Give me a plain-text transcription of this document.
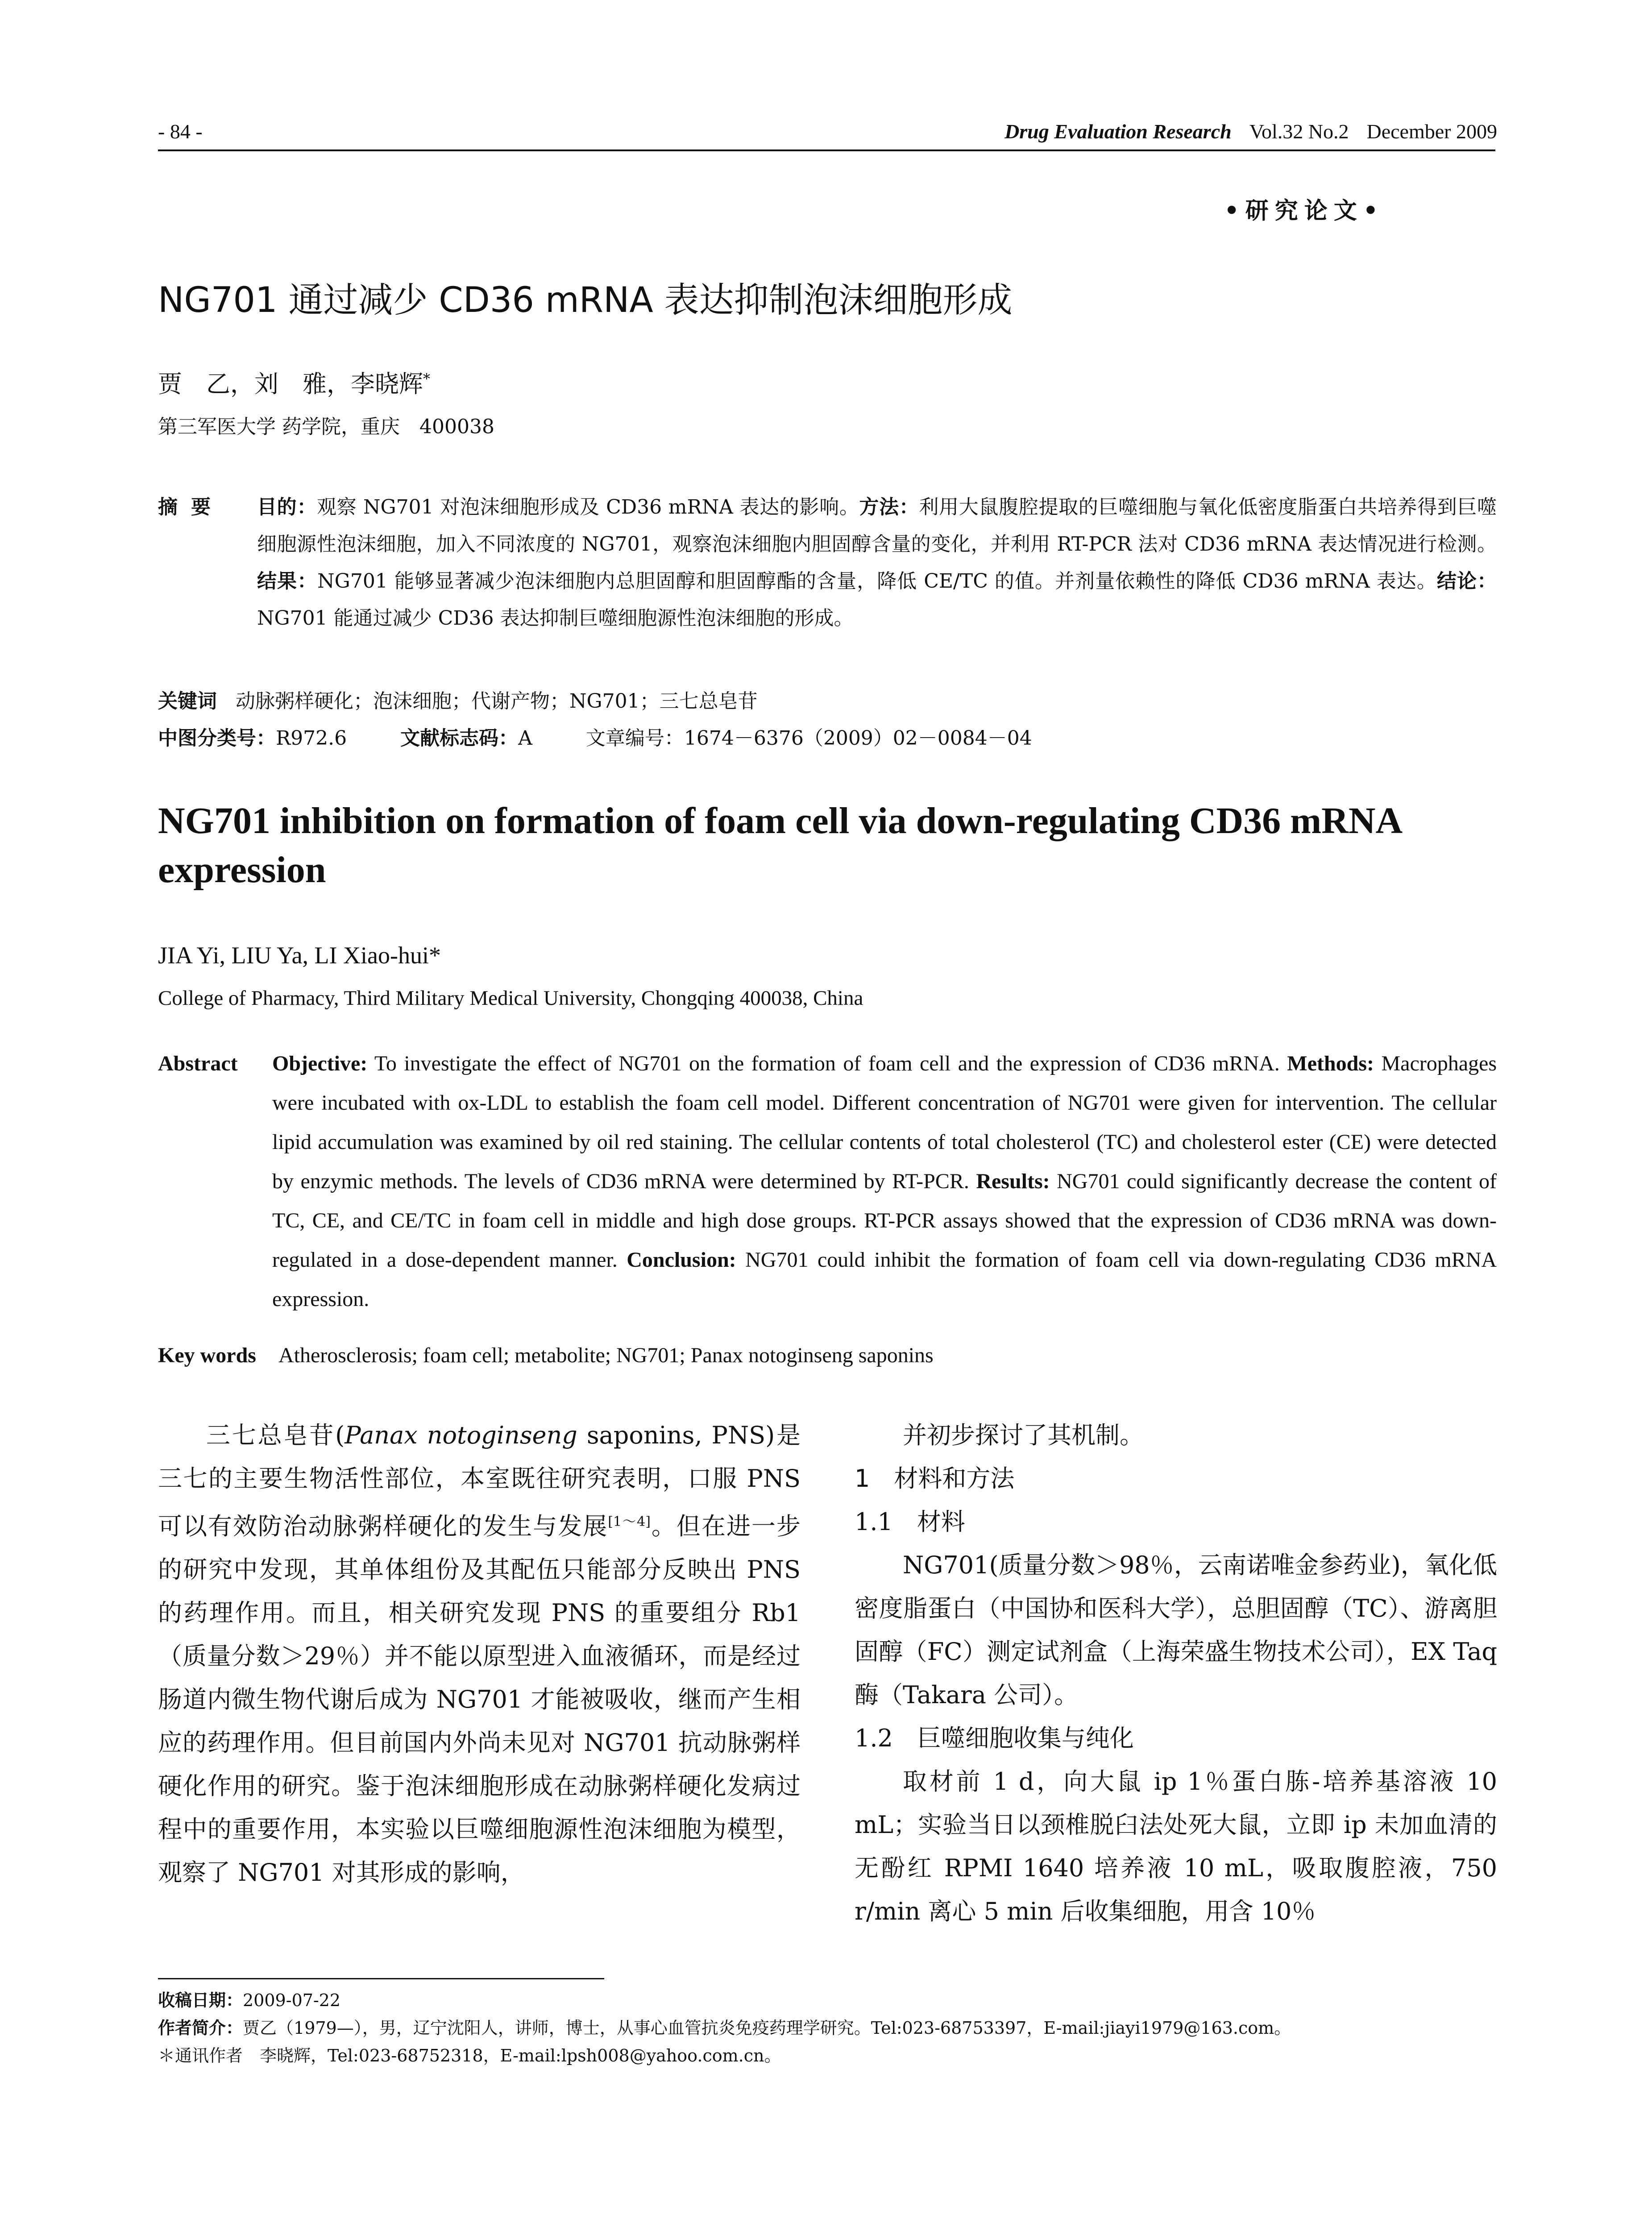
- 84 -	Drug Evaluation Research Vol.32 No.2 December 2009
•研究论文•
NG701 通过减少 CD36 mRNA 表达抑制泡沫细胞形成
贾　乙，刘　雅，李晓辉*
第三军医大学 药学院，重庆　400038
摘要	目的：观察 NG701 对泡沫细胞形成及 CD36 mRNA 表达的影响。方法：利用大鼠腹腔提取的巨噬细胞与氧化低密度脂蛋白共培养得到巨噬细胞源性泡沫细胞，加入不同浓度的 NG701，观察泡沫细胞内胆固醇含量的变化，并利用 RT-PCR 法对 CD36 mRNA 表达情况进行检测。结果：NG701 能够显著减少泡沫细胞内总胆固醇和胆固醇酯的含量，降低 CE/TC 的值。并剂量依赖性的降低 CD36 mRNA 表达。结论：NG701 能通过减少 CD36 表达抑制巨噬细胞源性泡沫细胞的形成。
关键词 动脉粥样硬化；泡沫细胞；代谢产物；NG701；三七总皂苷
中图分类号：R972.6	文献标志码：A	文章编号：1674－6376（2009）02－0084－04
NG701 inhibition on formation of foam cell via down-regulating CD36 mRNA expression
JIA Yi, LIU Ya, LI Xiao-hui*
College of Pharmacy, Third Military Medical University, Chongqing 400038, China
Abstract Objective: To investigate the effect of NG701 on the formation of foam cell and the expression of CD36 mRNA. Methods: Macrophages were incubated with ox-LDL to establish the foam cell model. Different concentration of NG701 were given for intervention. The cellular lipid accumulation was examined by oil red staining. The cellular contents of total cholesterol (TC) and cholesterol ester (CE) were detected by enzymic methods. The levels of CD36 mRNA were determined by RT-PCR. Results: NG701 could significantly decrease the content of TC, CE, and CE/TC in foam cell in middle and high dose groups. RT-PCR assays showed that the expression of CD36 mRNA was down-regulated in a dose-dependent manner. Conclusion: NG701 could inhibit the formation of foam cell via down-regulating CD36 mRNA expression.
Key words Atherosclerosis; foam cell; metabolite; NG701; Panax notoginseng saponins

三七总皂苷(Panax notoginseng saponins, PNS)是三七的主要生物活性部位，本室既往研究表明，口服 PNS 可以有效防治动脉粥样硬化的发生与发展[1～4]。但在进一步的研究中发现，其单体组份及其配伍只能部分反映出 PNS 的药理作用。而且，相关研究发现 PNS 的重要组分 Rb1（质量分数＞29％）并不能以原型进入血液循环，而是经过肠道内微生物代谢后成为 NG701 才能被吸收，继而产生相应的药理作用。但目前国内外尚未见对 NG701 抗动脉粥样硬化作用的研究。鉴于泡沫细胞形成在动脉粥样硬化发病过程中的重要作用，本实验以巨噬细胞源性泡沫细胞为模型，观察了 NG701 对其形成的影响，

并初步探讨了其机制。

1　材料和方法

1.1　材料

NG701(质量分数＞98％，云南诺唯金参药业)，氧化低密度脂蛋白（中国协和医科大学），总胆固醇（TC）、游离胆固醇（FC）测定试剂盒（上海荣盛生物技术公司），EX Taq 酶（Takara 公司）。

1.2　巨噬细胞收集与纯化

取材前 1 d，向大鼠 ip 1％蛋白胨-培养基溶液 10 mL；实验当日以颈椎脱臼法处死大鼠，立即 ip 未加血清的无酚红 RPMI 1640 培养液 10 mL，吸取腹腔液，750 r/min 离心 5 min 后收集细胞，用含 10％

收稿日期：2009-07-22
作者简介：贾乙（1979—），男，辽宁沈阳人，讲师，博士，从事心血管抗炎免疫药理学研究。Tel:023-68753397，E-mail:jiayi1979@163.com。
＊通讯作者　李晓辉，Tel:023-68752318，E-mail:lpsh008@yahoo.com.cn。
